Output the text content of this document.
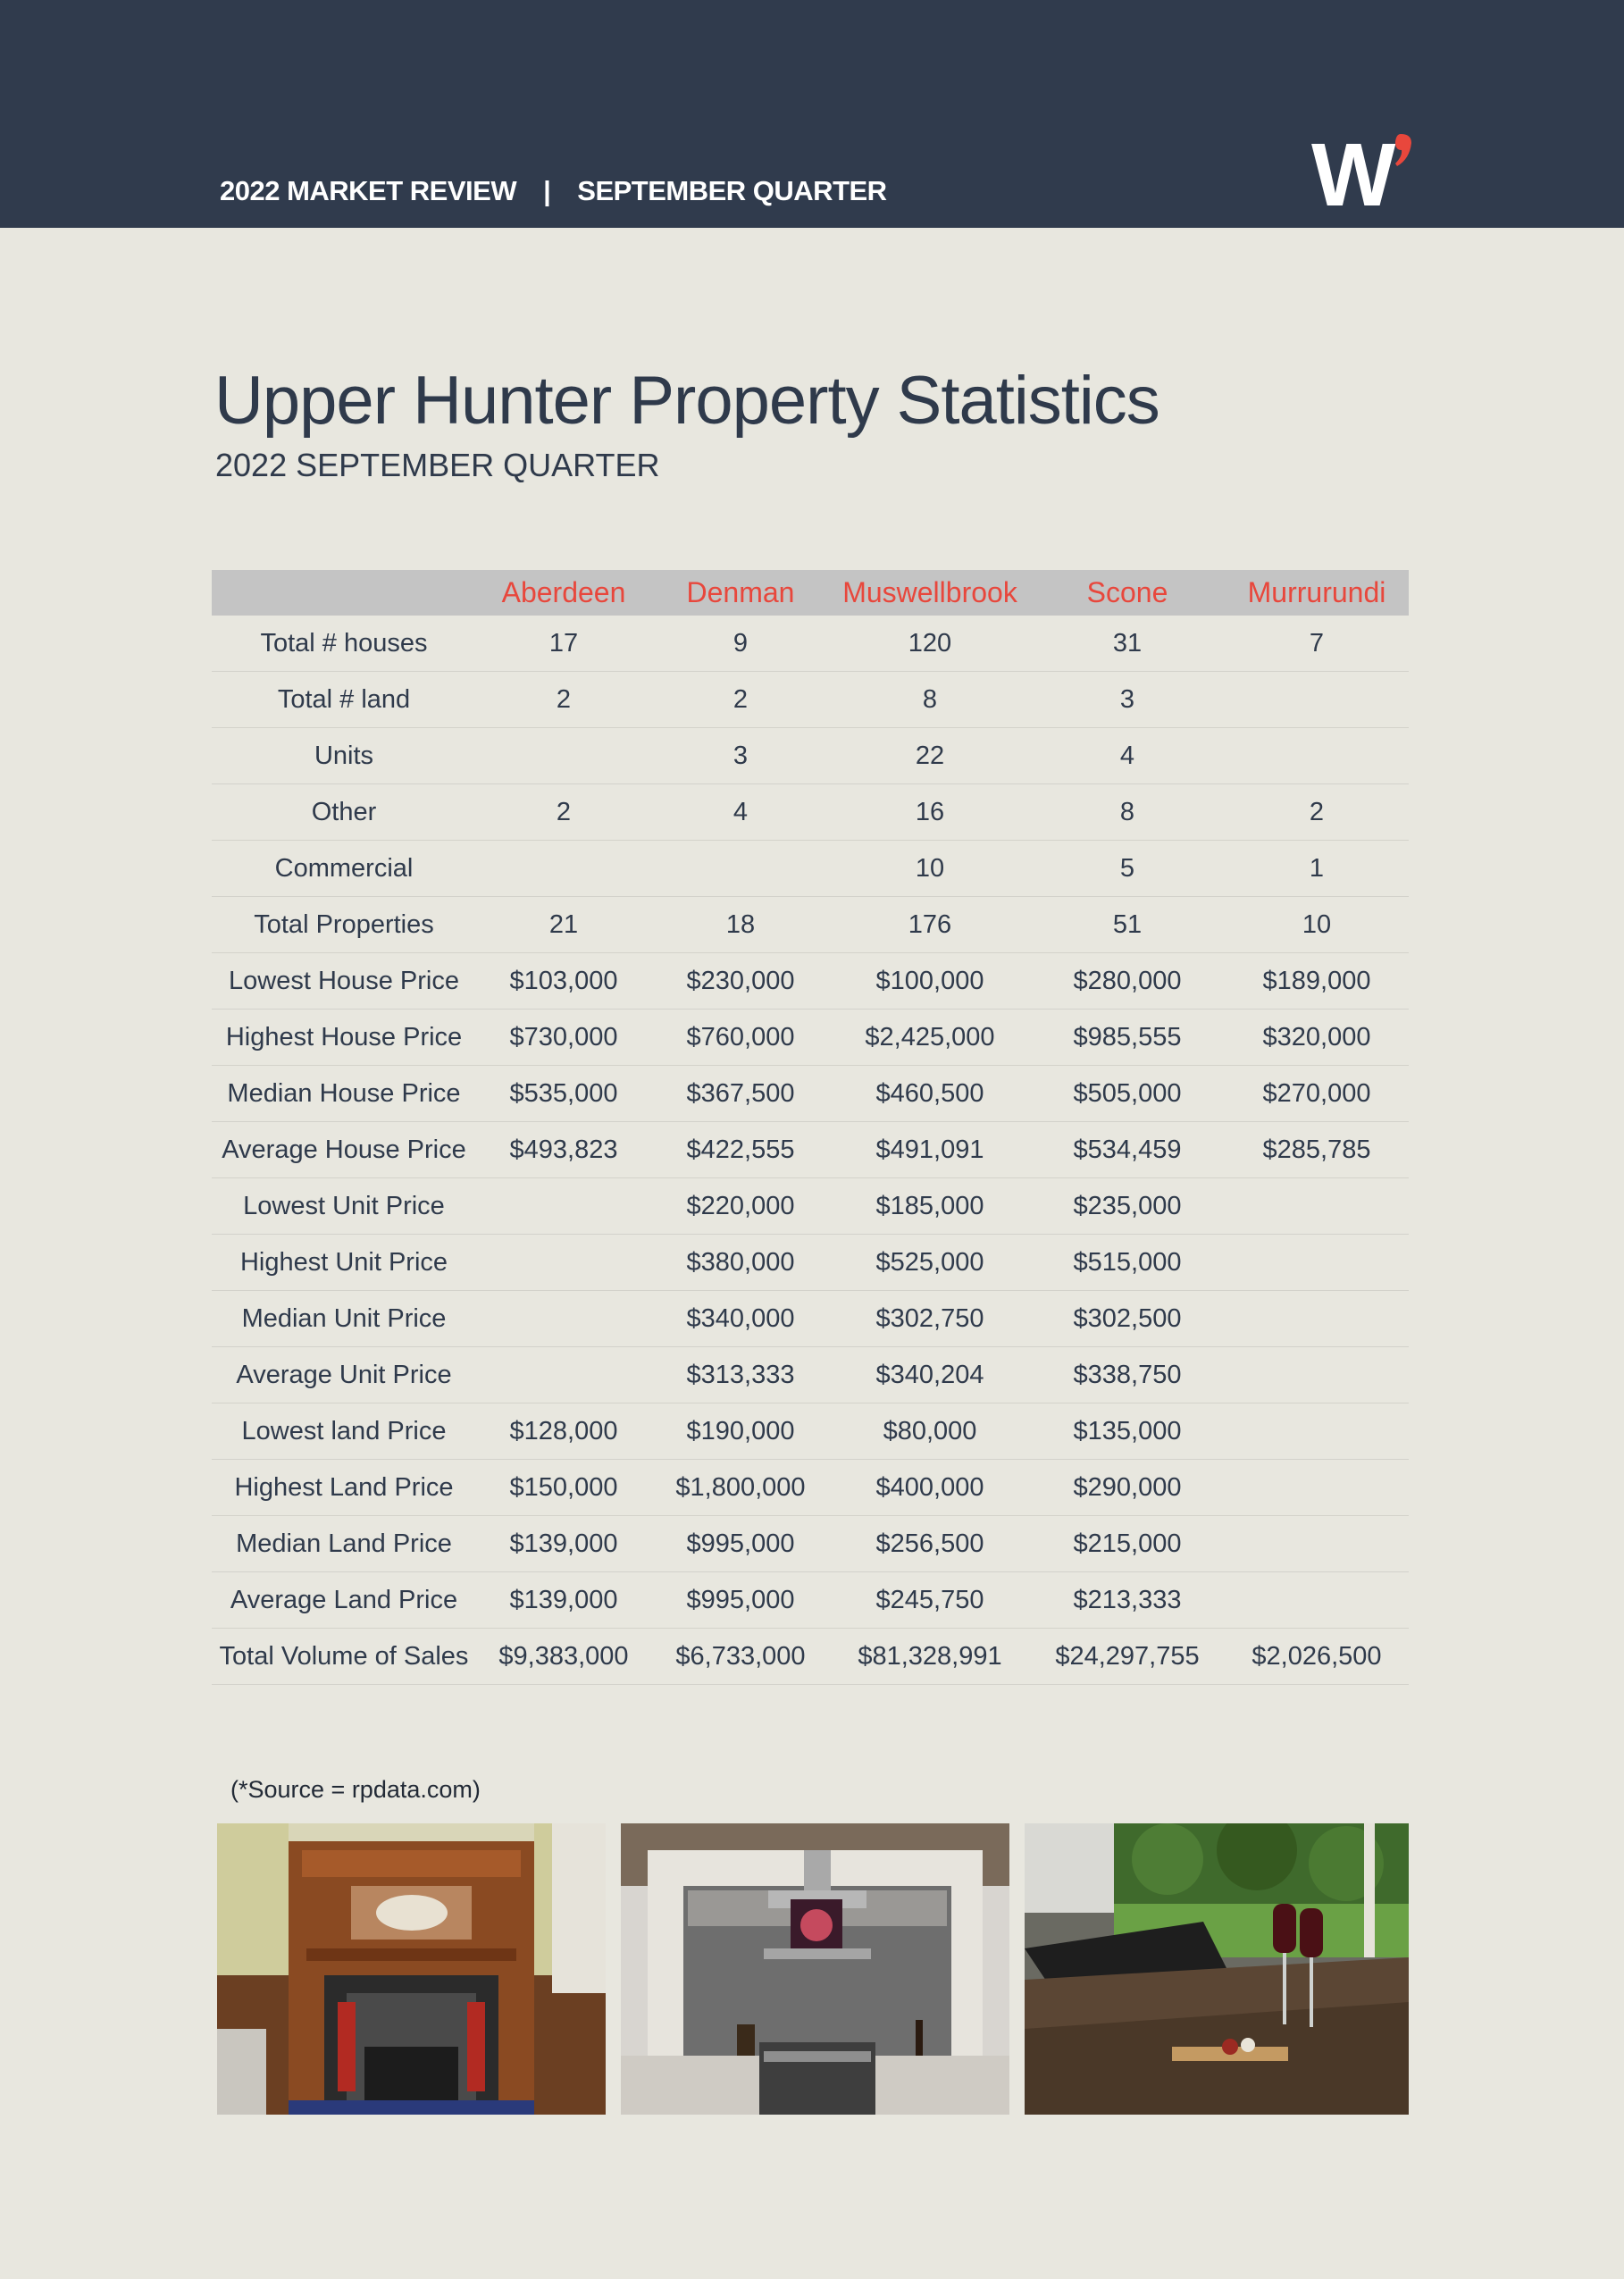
2022 MARKET REVIEW | SEPTEMBER QUARTER	W
Upper Hunter Property Statistics
2022 SEPTEMBER QUARTER
	Aberdeen	Denman	Muswellbrook	Scone	Murrurundi
Total # houses	17	9	120	31	7
Total # land	2	2	8	3	
Units		3	22	4	
Other	2	4	16	8	2
Commercial			10	5	1
Total Properties	21	18	176	51	10
Lowest House Price	$103,000	$230,000	$100,000	$280,000	$189,000
Highest House Price	$730,000	$760,000	$2,425,000	$985,555	$320,000
Median House Price	$535,000	$367,500	$460,500	$505,000	$270,000
Average House Price	$493,823	$422,555	$491,091	$534,459	$285,785
Lowest Unit Price		$220,000	$185,000	$235,000	
Highest Unit Price		$380,000	$525,000	$515,000	
Median Unit Price		$340,000	$302,750	$302,500	
Average Unit Price		$313,333	$340,204	$338,750	
Lowest land Price	$128,000	$190,000	$80,000	$135,000	
Highest Land Price	$150,000	$1,800,000	$400,000	$290,000	
Median Land Price	$139,000	$995,000	$256,500	$215,000	
Average Land Price	$139,000	$995,000	$245,750	$213,333	
Total Volume of Sales	$9,383,000	$6,733,000	$81,328,991	$24,297,755	$2,026,500
(*Source = rpdata.com)
